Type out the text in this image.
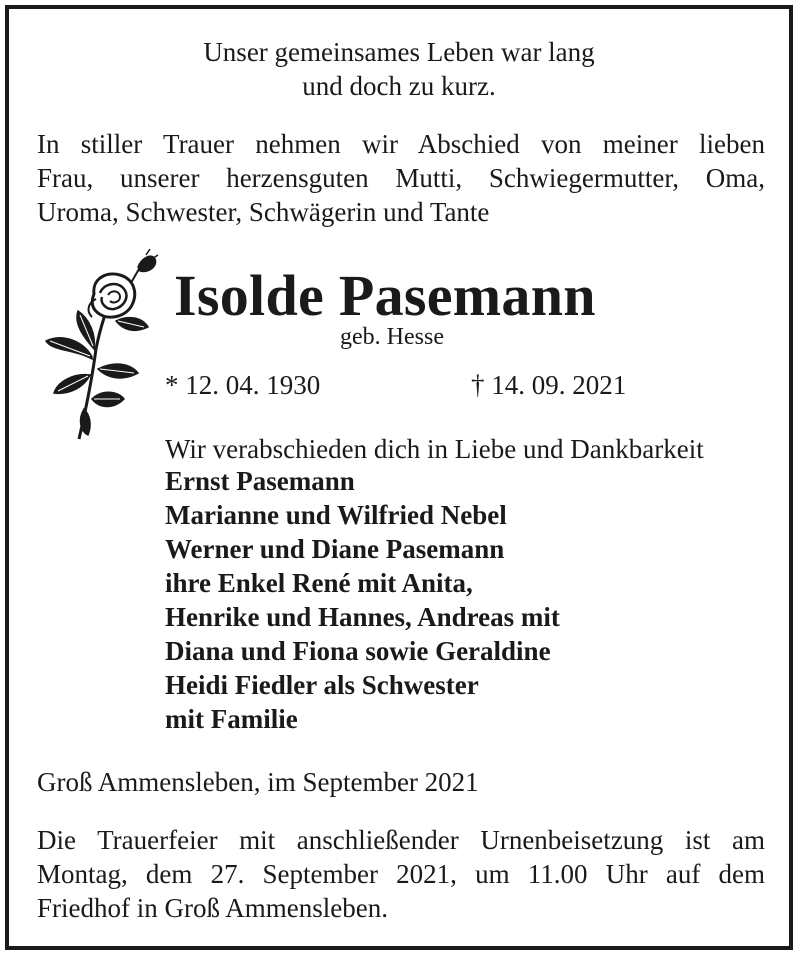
Unser gemeinsames Leben war lang
und doch zu kurz.
In stiller Trauer nehmen wir Abschied von meiner lieben
Frau, unserer herzensguten Mutti, Schwiegermutter, Oma,
Uroma, Schwester, Schwägerin und Tante
Isolde Pasemann
geb. Hesse
* 12. 04. 1930	† 14. 09. 2021
Wir verabschieden dich in Liebe und Dankbarkeit
Ernst Pasemann
Marianne und Wilfried Nebel
Werner und Diane Pasemann
ihre Enkel René mit Anita,
Henrike und Hannes, Andreas mit
Diana und Fiona sowie Geraldine
Heidi Fiedler als Schwester
mit Familie
Groß Ammensleben, im September 2021
Die Trauerfeier mit anschließender Urnenbeisetzung ist am
Montag, dem 27. September 2021, um 11.00 Uhr auf dem
Friedhof in Groß Ammensleben.
